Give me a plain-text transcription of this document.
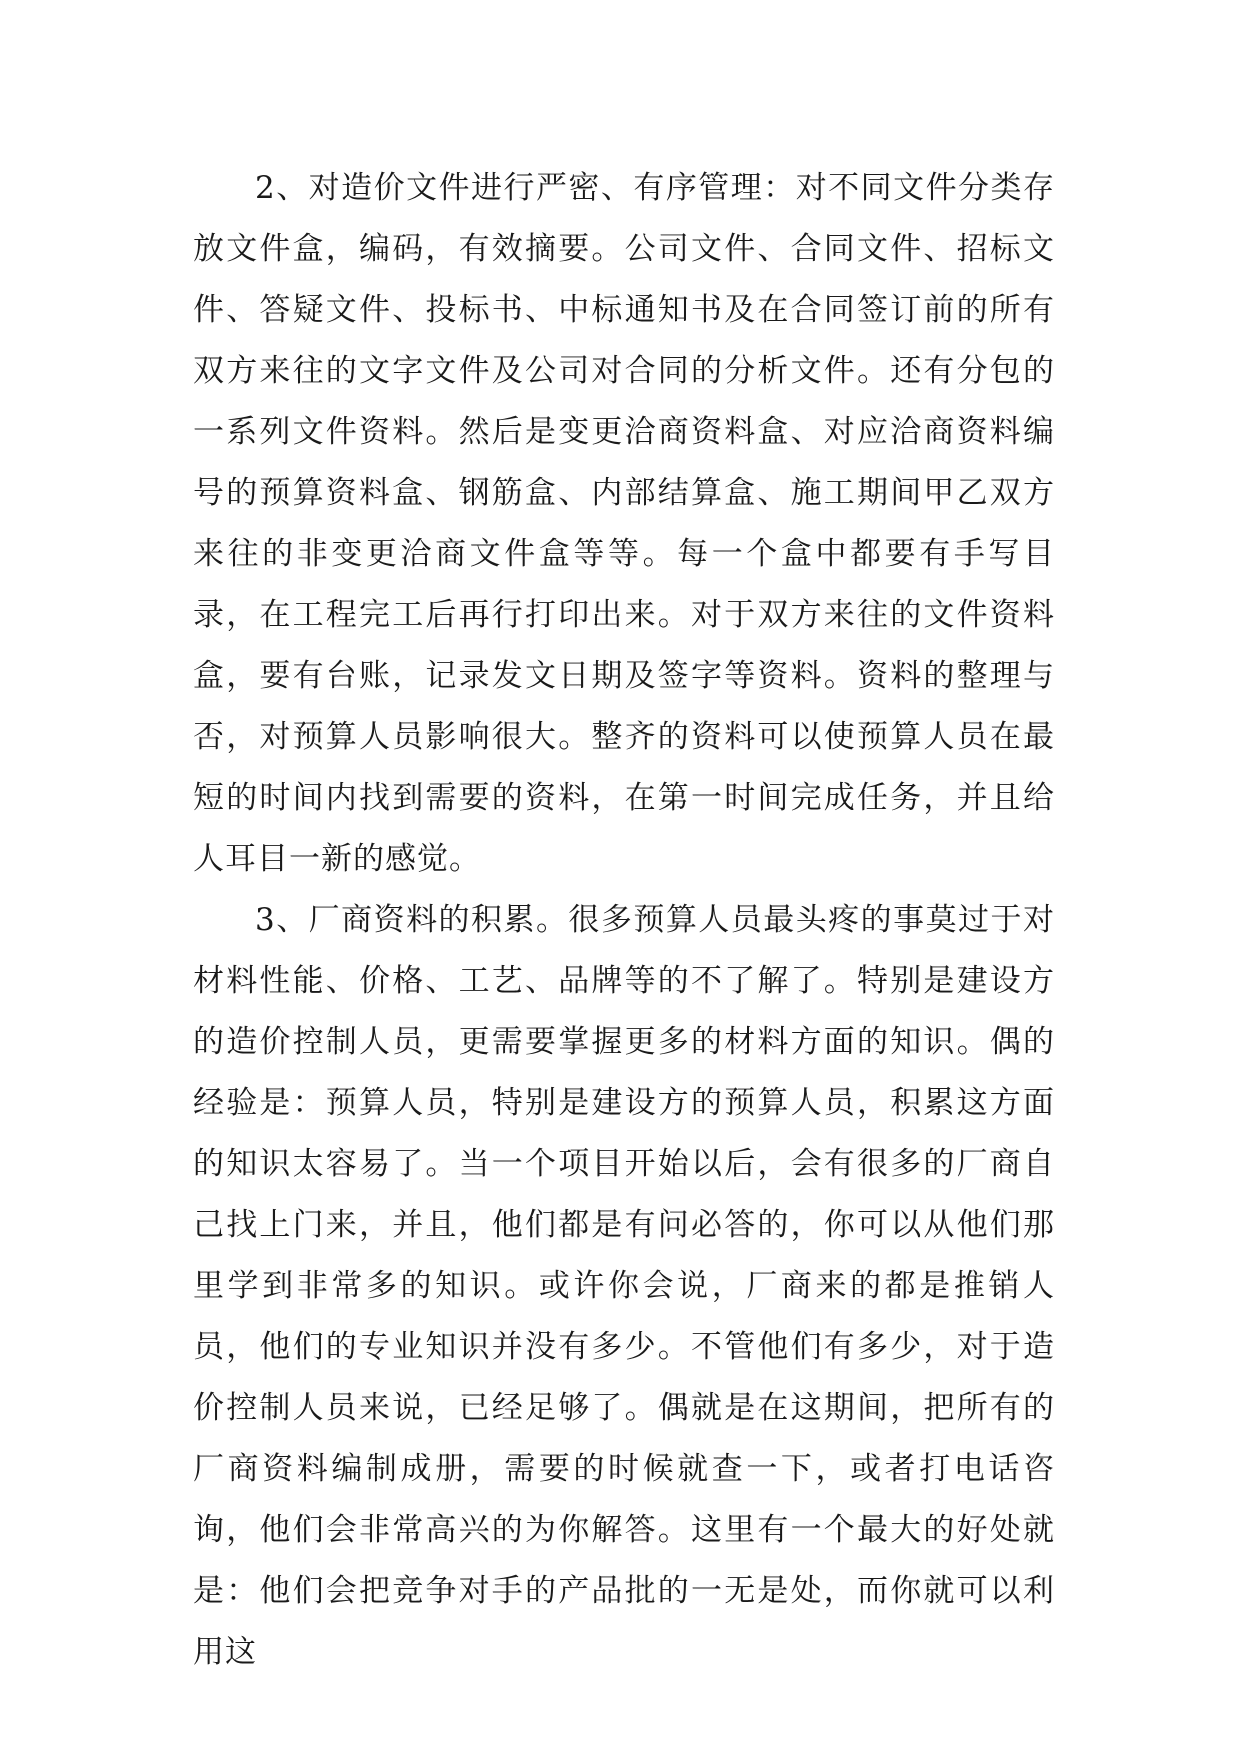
2、对造价文件进行严密、有序管理：对不同文件分类存放文件盒，编码，有效摘要。公司文件、合同文件、招标文件、答疑文件、投标书、中标通知书及在合同签订前的所有双方来往的文字文件及公司对合同的分析文件。还有分包的一系列文件资料。然后是变更洽商资料盒、对应洽商资料编号的预算资料盒、钢筋盒、内部结算盒、施工期间甲乙双方来往的非变更洽商文件盒等等。每一个盒中都要有手写目录，在工程完工后再行打印出来。对于双方来往的文件资料盒，要有台账，记录发文日期及签字等资料。资料的整理与否，对预算人员影响很大。整齐的资料可以使预算人员在最短的时间内找到需要的资料，在第一时间完成任务，并且给人耳目一新的感觉。

3、厂商资料的积累。很多预算人员最头疼的事莫过于对材料性能、价格、工艺、品牌等的不了解了。特别是建设方的造价控制人员，更需要掌握更多的材料方面的知识。偶的经验是：预算人员，特别是建设方的预算人员，积累这方面的知识太容易了。当一个项目开始以后，会有很多的厂商自己找上门来，并且，他们都是有问必答的，你可以从他们那里学到非常多的知识。或许你会说，厂商来的都是推销人员，他们的专业知识并没有多少。不管他们有多少，对于造价控制人员来说，已经足够了。偶就是在这期间，把所有的厂商资料编制成册，需要的时候就查一下，或者打电话咨询，他们会非常高兴的为你解答。这里有一个最大的好处就是：他们会把竞争对手的产品批的一无是处，而你就可以利用这
